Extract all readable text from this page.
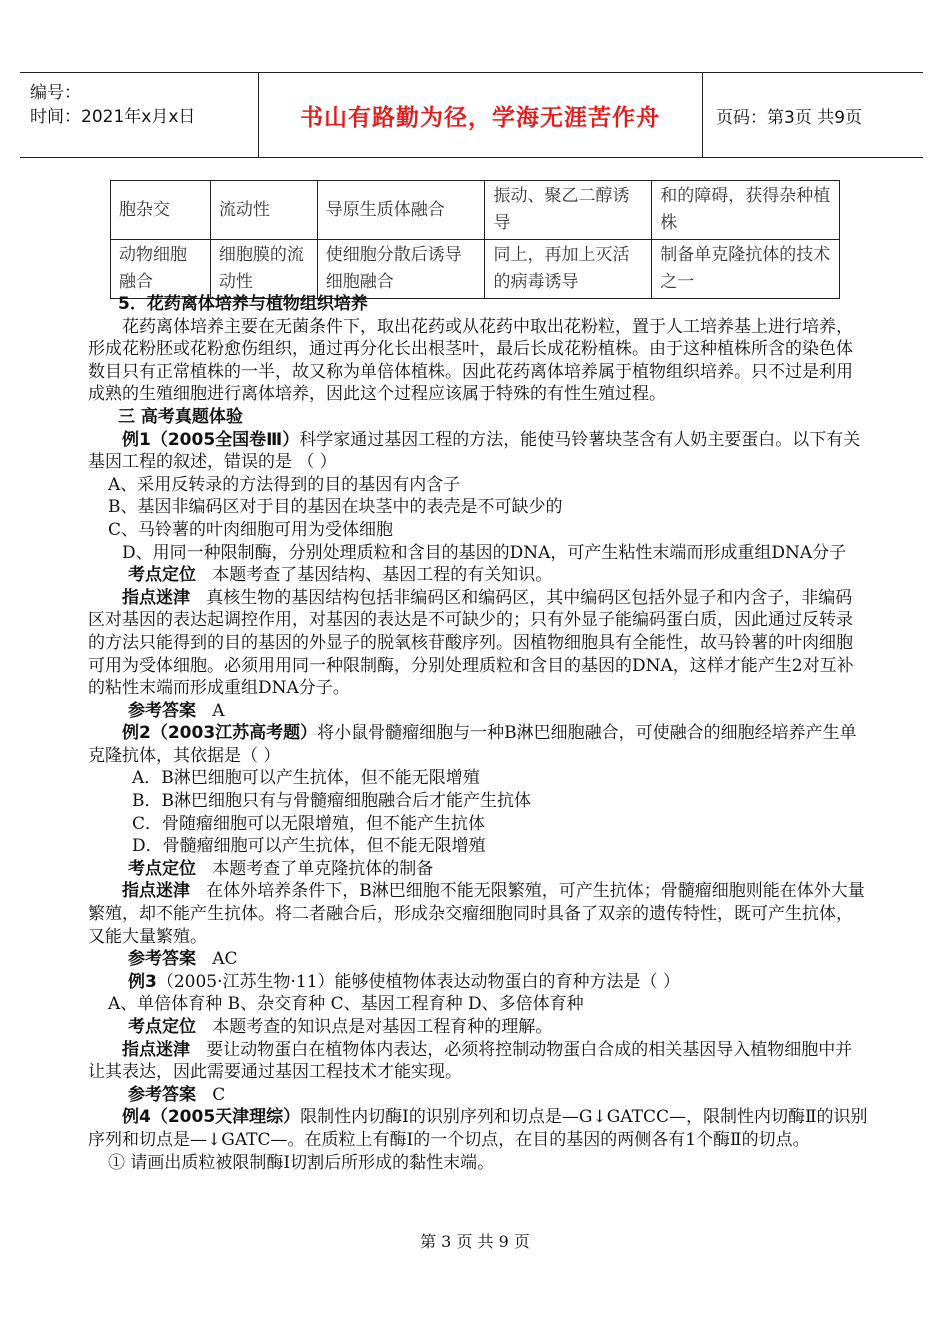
编号：
时间：2021年x月x日	书山有路勤为径，学海无涯苦作舟	页码：第3页 共9页
胞杂交	流动性	导原生质体融合	振动、聚乙二醇诱导	和的障碍，获得杂种植株
动物细胞融合	细胞膜的流动性	使细胞分散后诱导细胞融合	同上，再加上灭活的病毒诱导	制备单克隆抗体的技术之一

5．花药离体培养与植物组织培养

花药离体培养主要在无菌条件下，取出花药或从花药中取出花粉粒，置于人工培养基上进行培养，形成花粉胚或花粉愈伤组织，通过再分化长出根茎叶，最后长成花粉植株。由于这种植株所含的染色体数目只有正常植株的一半，故又称为单倍体植株。因此花药离体培养属于植物组织培养。只不过是利用成熟的生殖细胞进行离体培养，因此这个过程应该属于特殊的有性生殖过程。

三 高考真题体验

例1（2005全国卷Ⅲ）科学家通过基因工程的方法，能使马铃薯块茎含有人奶主要蛋白。以下有关基因工程的叙述，错误的是 （ ）

A、采用反转录的方法得到的目的基因有内含子

B、基因非编码区对于目的基因在块茎中的表壳是不可缺少的

C、马铃薯的叶肉细胞可用为受体细胞

D、用同一种限制酶，分别处理质粒和含目的基因的DNA，可产生粘性末端而形成重组DNA分子

考点定位 本题考查了基因结构、基因工程的有关知识。

指点迷津 真核生物的基因结构包括非编码区和编码区，其中编码区包括外显子和内含子，非编码区对基因的表达起调控作用，对基因的表达是不可缺少的；只有外显子能编码蛋白质，因此通过反转录的方法只能得到的目的基因的外显子的脱氧核苷酸序列。因植物细胞具有全能性，故马铃薯的叶肉细胞可用为受体细胞。必须用用同一种限制酶，分别处理质粒和含目的基因的DNA，这样才能产生2对互补的粘性末端而形成重组DNA分子。

参考答案 A

例2（2003江苏高考题）将小鼠骨髓瘤细胞与一种B淋巴细胞融合，可使融合的细胞经培养产生单克隆抗体，其依据是（ ）

A．B淋巴细胞可以产生抗体，但不能无限增殖

B．B淋巴细胞只有与骨髓瘤细胞融合后才能产生抗体

C．骨随瘤细胞可以无限增殖，但不能产生抗体

D．骨髓瘤细胞可以产生抗体，但不能无限增殖

考点定位 本题考查了单克隆抗体的制备

指点迷津 在体外培养条件下，B淋巴细胞不能无限繁殖，可产生抗体；骨髓瘤细胞则能在体外大量繁殖，却不能产生抗体。将二者融合后，形成杂交瘤细胞同时具备了双亲的遗传特性，既可产生抗体，又能大量繁殖。

参考答案 AC

例3（2005·江苏生物·11）能够使植物体表达动物蛋白的育种方法是（ ）

A、单倍体育种 B、杂交育种 C、基因工程育种 D、多倍体育种

考点定位 本题考查的知识点是对基因工程育种的理解。

指点迷津 要让动物蛋白在植物体内表达，必须将控制动物蛋白合成的相关基因导入植物细胞中并让其表达，因此需要通过基因工程技术才能实现。

参考答案 C

例4（2005天津理综）限制性内切酶Ⅰ的识别序列和切点是—G↓GATCC—，限制性内切酶Ⅱ的识别序列和切点是—↓GATC—。在质粒上有酶Ⅰ的一个切点，在目的基因的两侧各有1个酶Ⅱ的切点。

① 请画出质粒被限制酶Ⅰ切割后所形成的黏性末端。

第 3 页 共 9 页
